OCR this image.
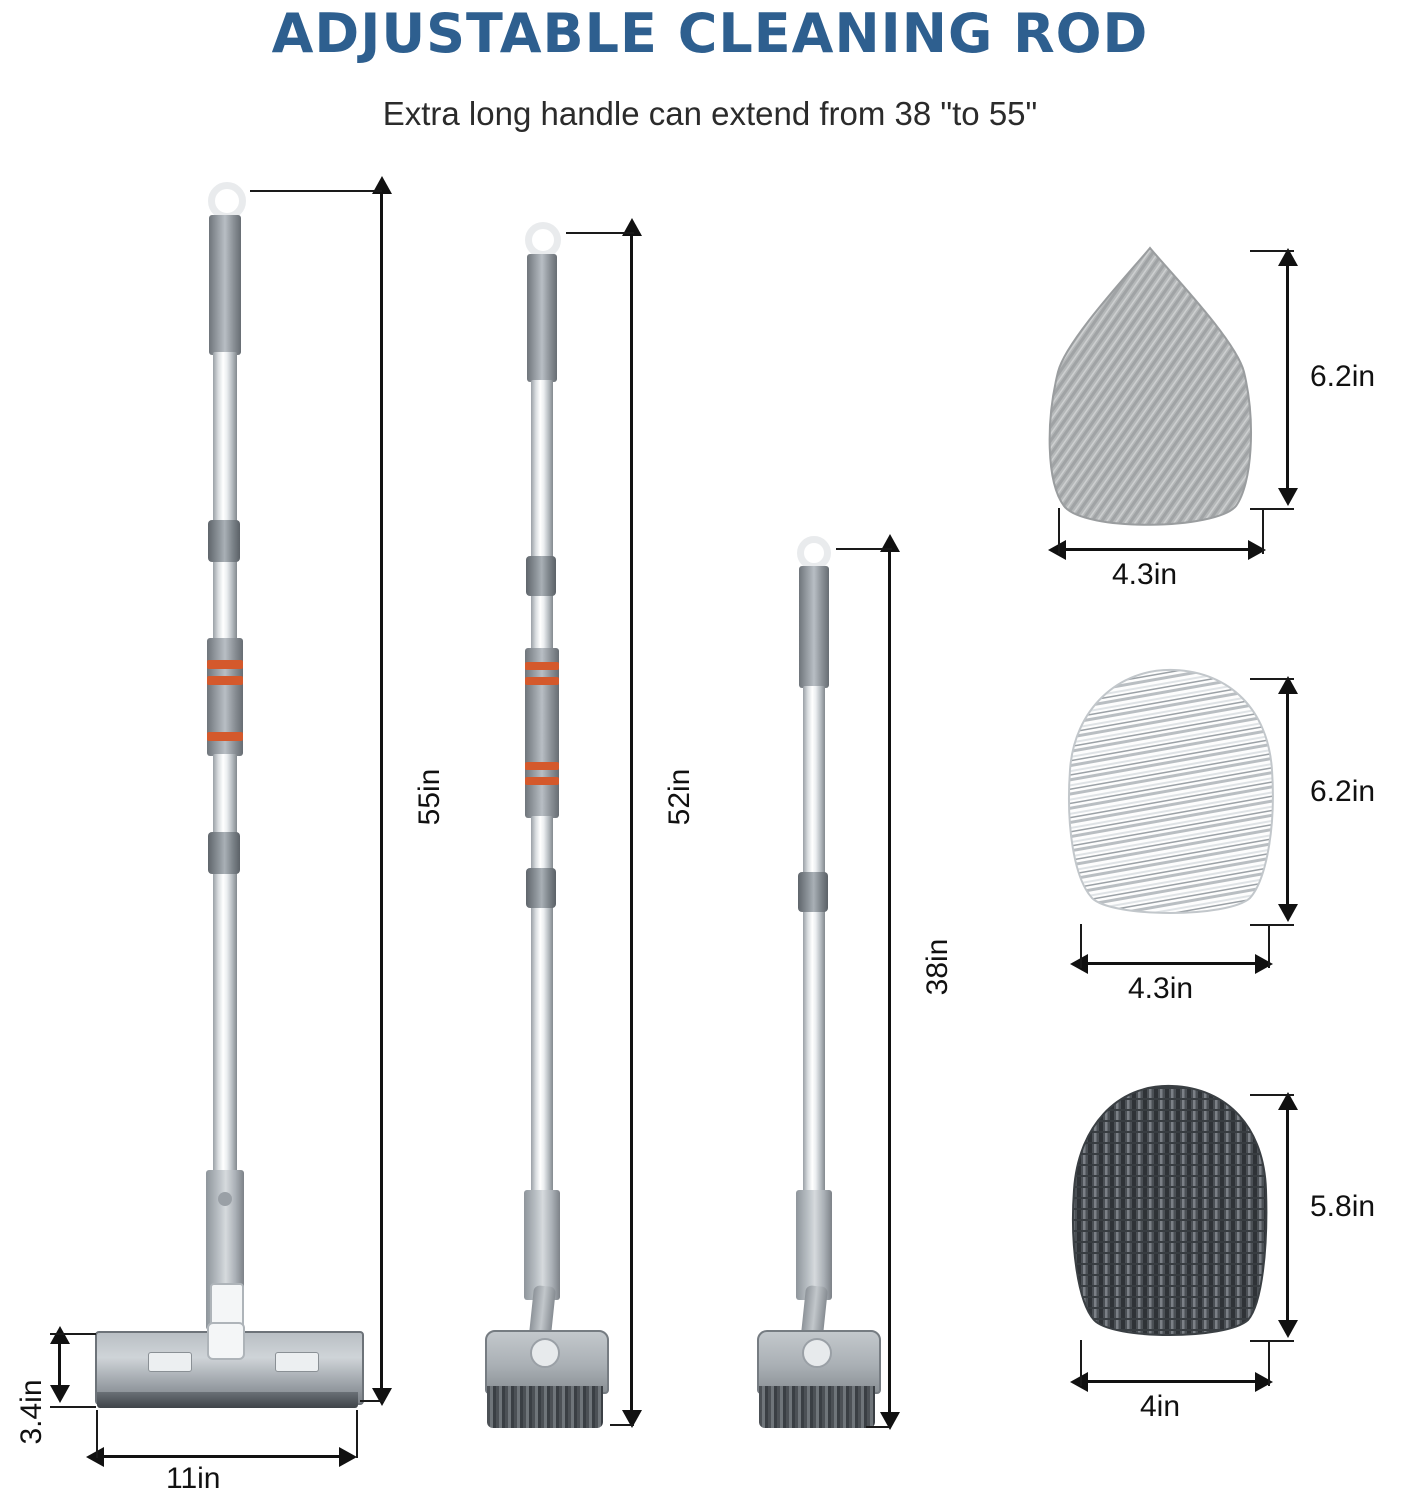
ADJUSTABLE CLEANING ROD
Extra long handle can extend from 38 "to 55"
55in
3.4in
11in
52in
38in
6.2in
4.3in
6.2in
4.3in
5.8in
4in
